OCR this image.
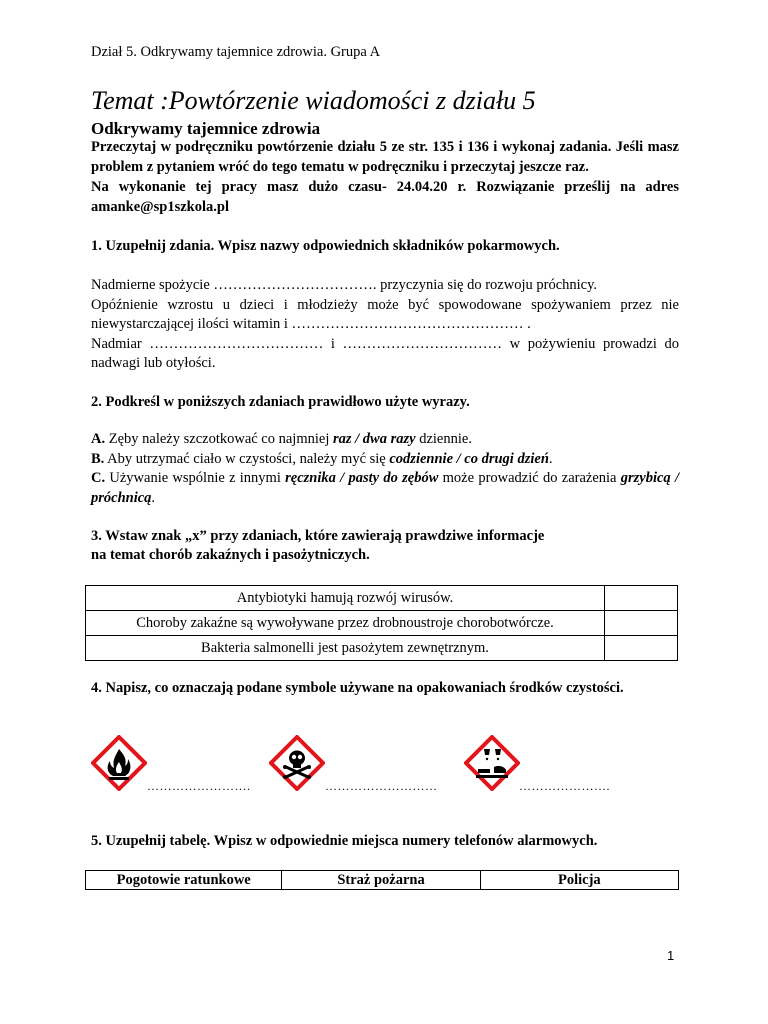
Dział 5. Odkrywamy tajemnice zdrowia. Grupa A
Temat :Powtórzenie wiadomości z działu 5
Odkrywamy tajemnice zdrowia

Przeczytaj w podręczniku powtórzenie działu 5 ze str. 135 i 136 i wykonaj zadania. Jeśli masz problem z pytaniem wróć do tego tematu w podręczniku i przeczytaj jeszcze raz.

Na wykonanie tej pracy masz dużo czasu- 24.04.20 r. Rozwiązanie prześlij na adres amanke@sp1szkola.pl

1. Uzupełnij zdania. Wpisz nazwy odpowiednich składników pokarmowych.

Nadmierne spożycie ……………………………. przyczynia się do rozwoju próchnicy.

Opóźnienie wzrostu u dzieci i młodzieży może być spowodowane spożywaniem przez nie niewystarczającej ilości witamin i ………………………………………… .

Nadmiar ……………………………… i …………………………… w pożywieniu prowadzi do nadwagi lub otyłości.

2. Podkreśl w poniższych zdaniach prawidłowo użyte wyrazy.

A. Zęby należy szczotkować co najmniej raz / dwa razy dziennie.

B. Aby utrzymać ciało w czystości, należy myć się codziennie / co drugi dzień.

C. Używanie wspólnie z innymi ręcznika / pasty do zębów może prowadzić do zarażenia grzybicą / próchnicą.

3. Wstaw znak „x” przy zdaniach, które zawierają prawdziwe informacje
na temat chorób zakaźnych i pasożytniczych.
Antybiotyki hamują rozwój wirusów.	
Choroby zakaźne są wywoływane przez drobnoustroje chorobotwórcze.	
Bakteria salmonelli jest pasożytem zewnętrznym.	
4. Napisz, co oznaczają podane symbole używane na opakowaniach środków czystości.
…………………….	………………………	………………….
5. Uzupełnij tabelę. Wpisz w odpowiednie miejsca numery telefonów alarmowych.
Pogotowie ratunkowe	Straż pożarna	Policja
1
